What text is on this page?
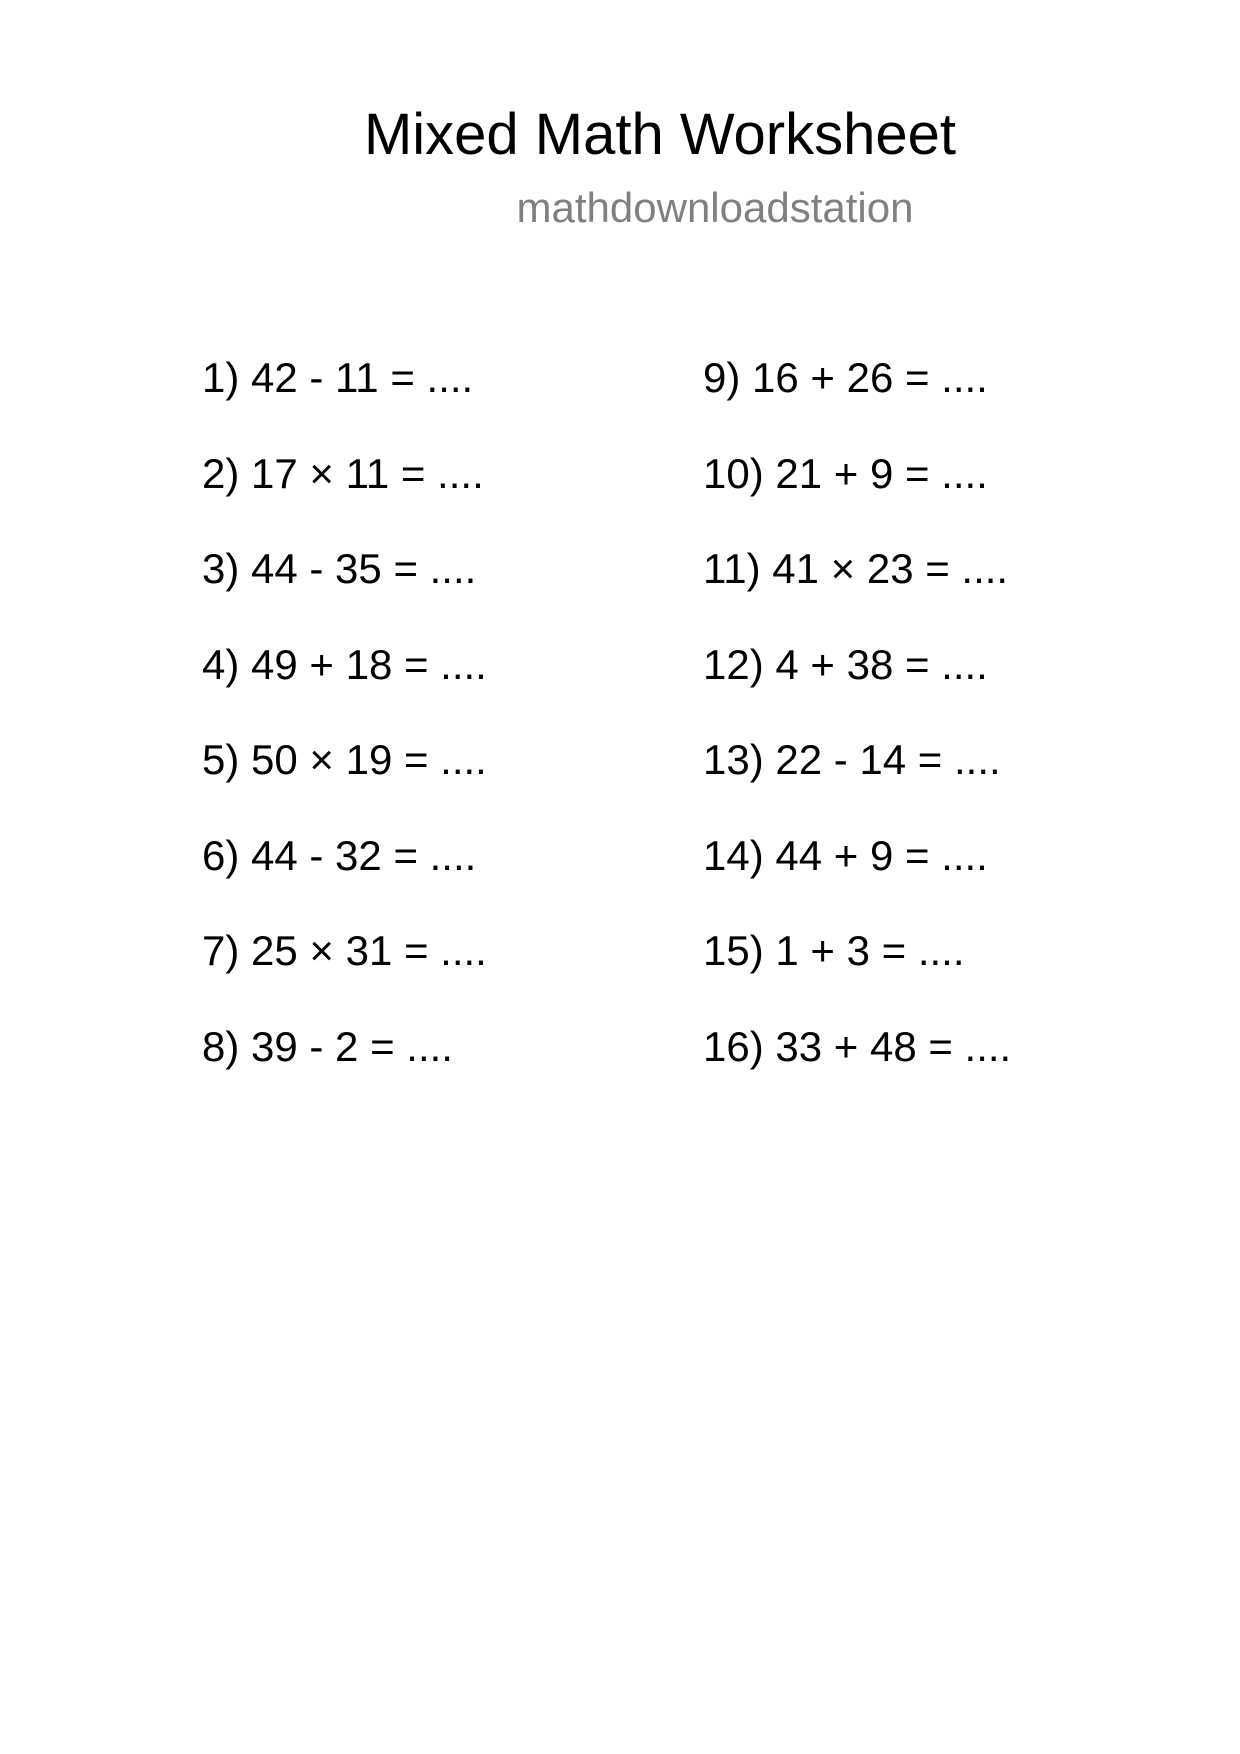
Mixed Math Worksheet
mathdownloadstation
1) 42 - 11 = ....
2) 17 × 11 = ....
3) 44 - 35 = ....
4) 49 + 18 = ....
5) 50 × 19 = ....
6) 44 - 32 = ....
7) 25 × 31 = ....
8) 39 - 2 = ....
9) 16 + 26 = ....
10) 21 + 9 = ....
11) 41 × 23 = ....
12) 4 + 38 = ....
13) 22 - 14 = ....
14) 44 + 9 = ....
15) 1 + 3 = ....
16) 33 + 48 = ....
